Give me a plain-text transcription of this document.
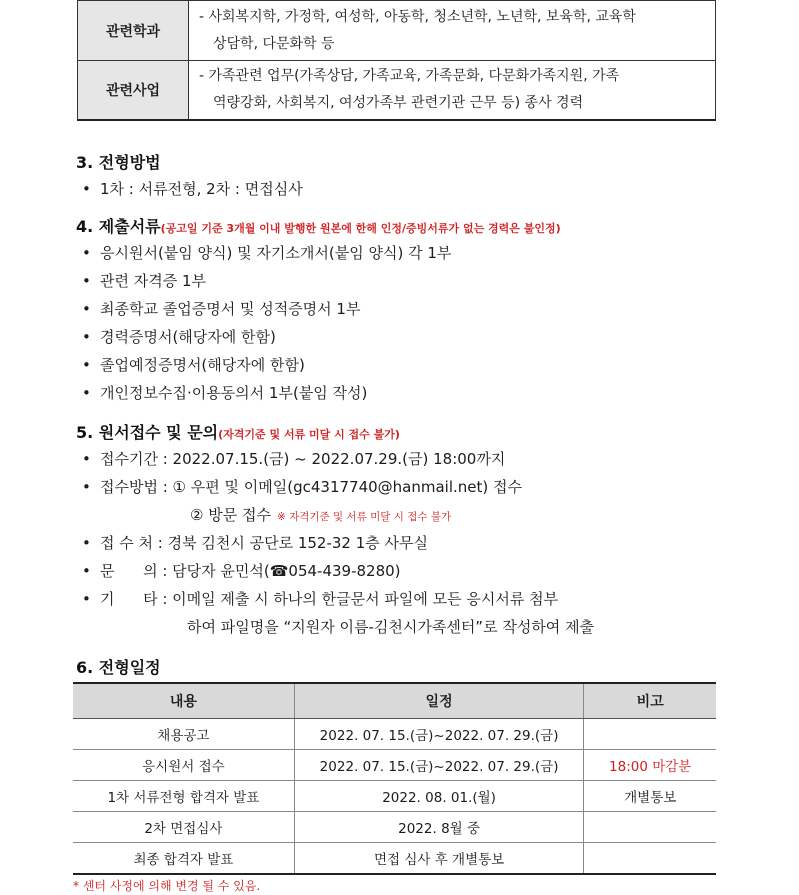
관련학과	- 사회복지학, 가정학, 여성학, 아동학, 청소년학, 노년학, 보육학, 교육학
상담학, 다문화학 등

관련사업	- 가족관련 업무(가족상담, 가족교육, 가족문화, 다문화가족지원, 가족
역량강화, 사회복지, 여성가족부 관련기관 근무 등) 종사 경력
3. 전형방법
• 1차 : 서류전형, 2차 : 면접심사
4. 제출서류(공고일 기준 3개월 이내 발행한 원본에 한해 인정/증빙서류가 없는 경력은 불인정)
• 응시원서(붙임 양식) 및 자기소개서(붙임 양식) 각 1부
• 관련 자격증 1부
• 최종학교 졸업증명서 및 성적증명서 1부
• 경력증명서(해당자에 한함)
• 졸업예정증명서(해당자에 한함)
• 개인정보수집·이용동의서 1부(붙임 작성)
5. 원서접수 및 문의(자격기준 및 서류 미달 시 접수 불가)
• 접수기간 : 2022.07.15.(금) ~ 2022.07.29.(금) 18:00까지
• 접수방법 : ① 우편 및 이메일(gc4317740@hanmail.net) 접수
② 방문 접수 ※ 자격기준 및 서류 미달 시 접수 불가
• 접 수 처 : 경북 김천시 공단로 152-32 1층 사무실
• 문      의 : 담당자 윤민석(☎054-439-8280)
• 기      타 : 이메일 제출 시 하나의 한글문서 파일에 모든 응시서류 첨부
하여 파일명을 “지원자 이름-김천시가족센터”로 작성하여 제출
6. 전형일정
내용	일정	비고
채용공고	2022. 07. 15.(금)~2022. 07. 29.(금)	
응시원서 접수	2022. 07. 15.(금)~2022. 07. 29.(금)	18:00 마감분
1차 서류전형 합격자 발표	2022. 08. 01.(월)	개별통보
2차 면접심사	2022. 8월 중	
최종 합격자 발표	면접 심사 후 개별통보	
* 센터 사정에 의해 변경 될 수 있음.
